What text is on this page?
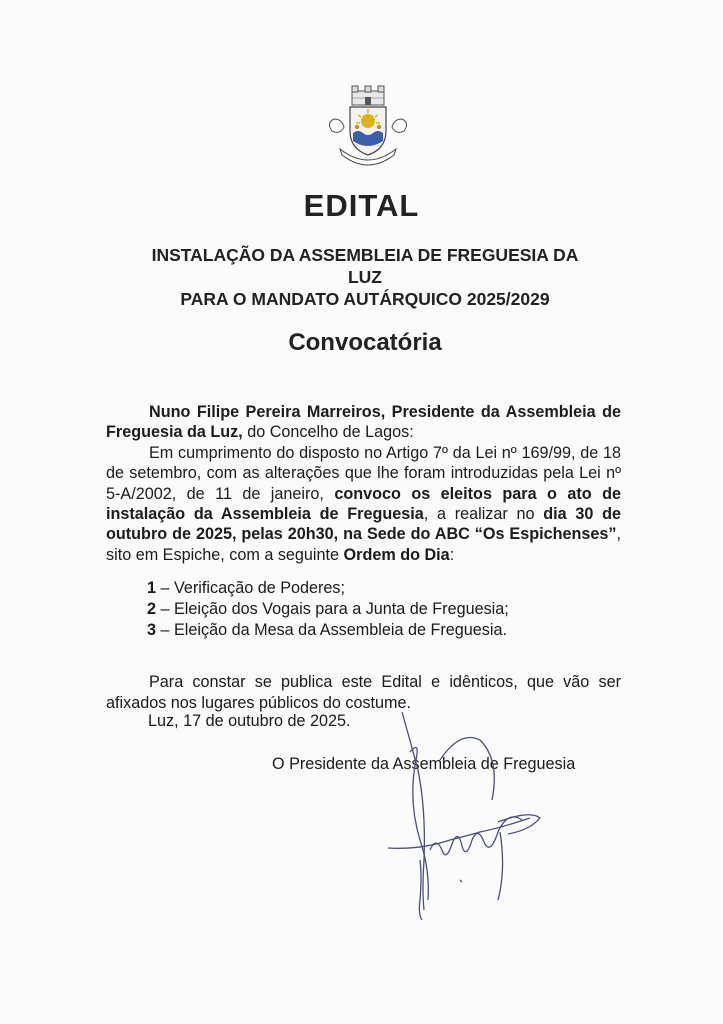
EDITAL
INSTALAÇÃO DA ASSEMBLEIA DE FREGUESIA DA
LUZ
PARA O MANDATO AUTÁRQUICO 2025/2029
Convocatória

Nuno Filipe Pereira Marreiros, Presidente da Assembleia de Freguesia da Luz, do Concelho de Lagos:

Em cumprimento do disposto no Artigo 7º da Lei nº 169/99, de 18 de setembro, com as alterações que lhe foram introduzidas pela Lei nº 5-A/2002, de 11 de janeiro, convoco os eleitos para o ato de instalação da Assembleia de Freguesia, a realizar no dia 30 de outubro de 2025, pelas 20h30, na Sede do ABC “Os Espichenses”, sito em Espiche, com a seguinte Ordem do Dia:

1 – Verificação de Poderes;
2 – Eleição dos Vogais para a Junta de Freguesia;
3 – Eleição da Mesa da Assembleia de Freguesia.

Para constar se publica este Edital e idênticos, que vão ser afixados nos lugares públicos do costume.

Luz, 17 de outubro de 2025.
O Presidente da Assembleia de Freguesia
